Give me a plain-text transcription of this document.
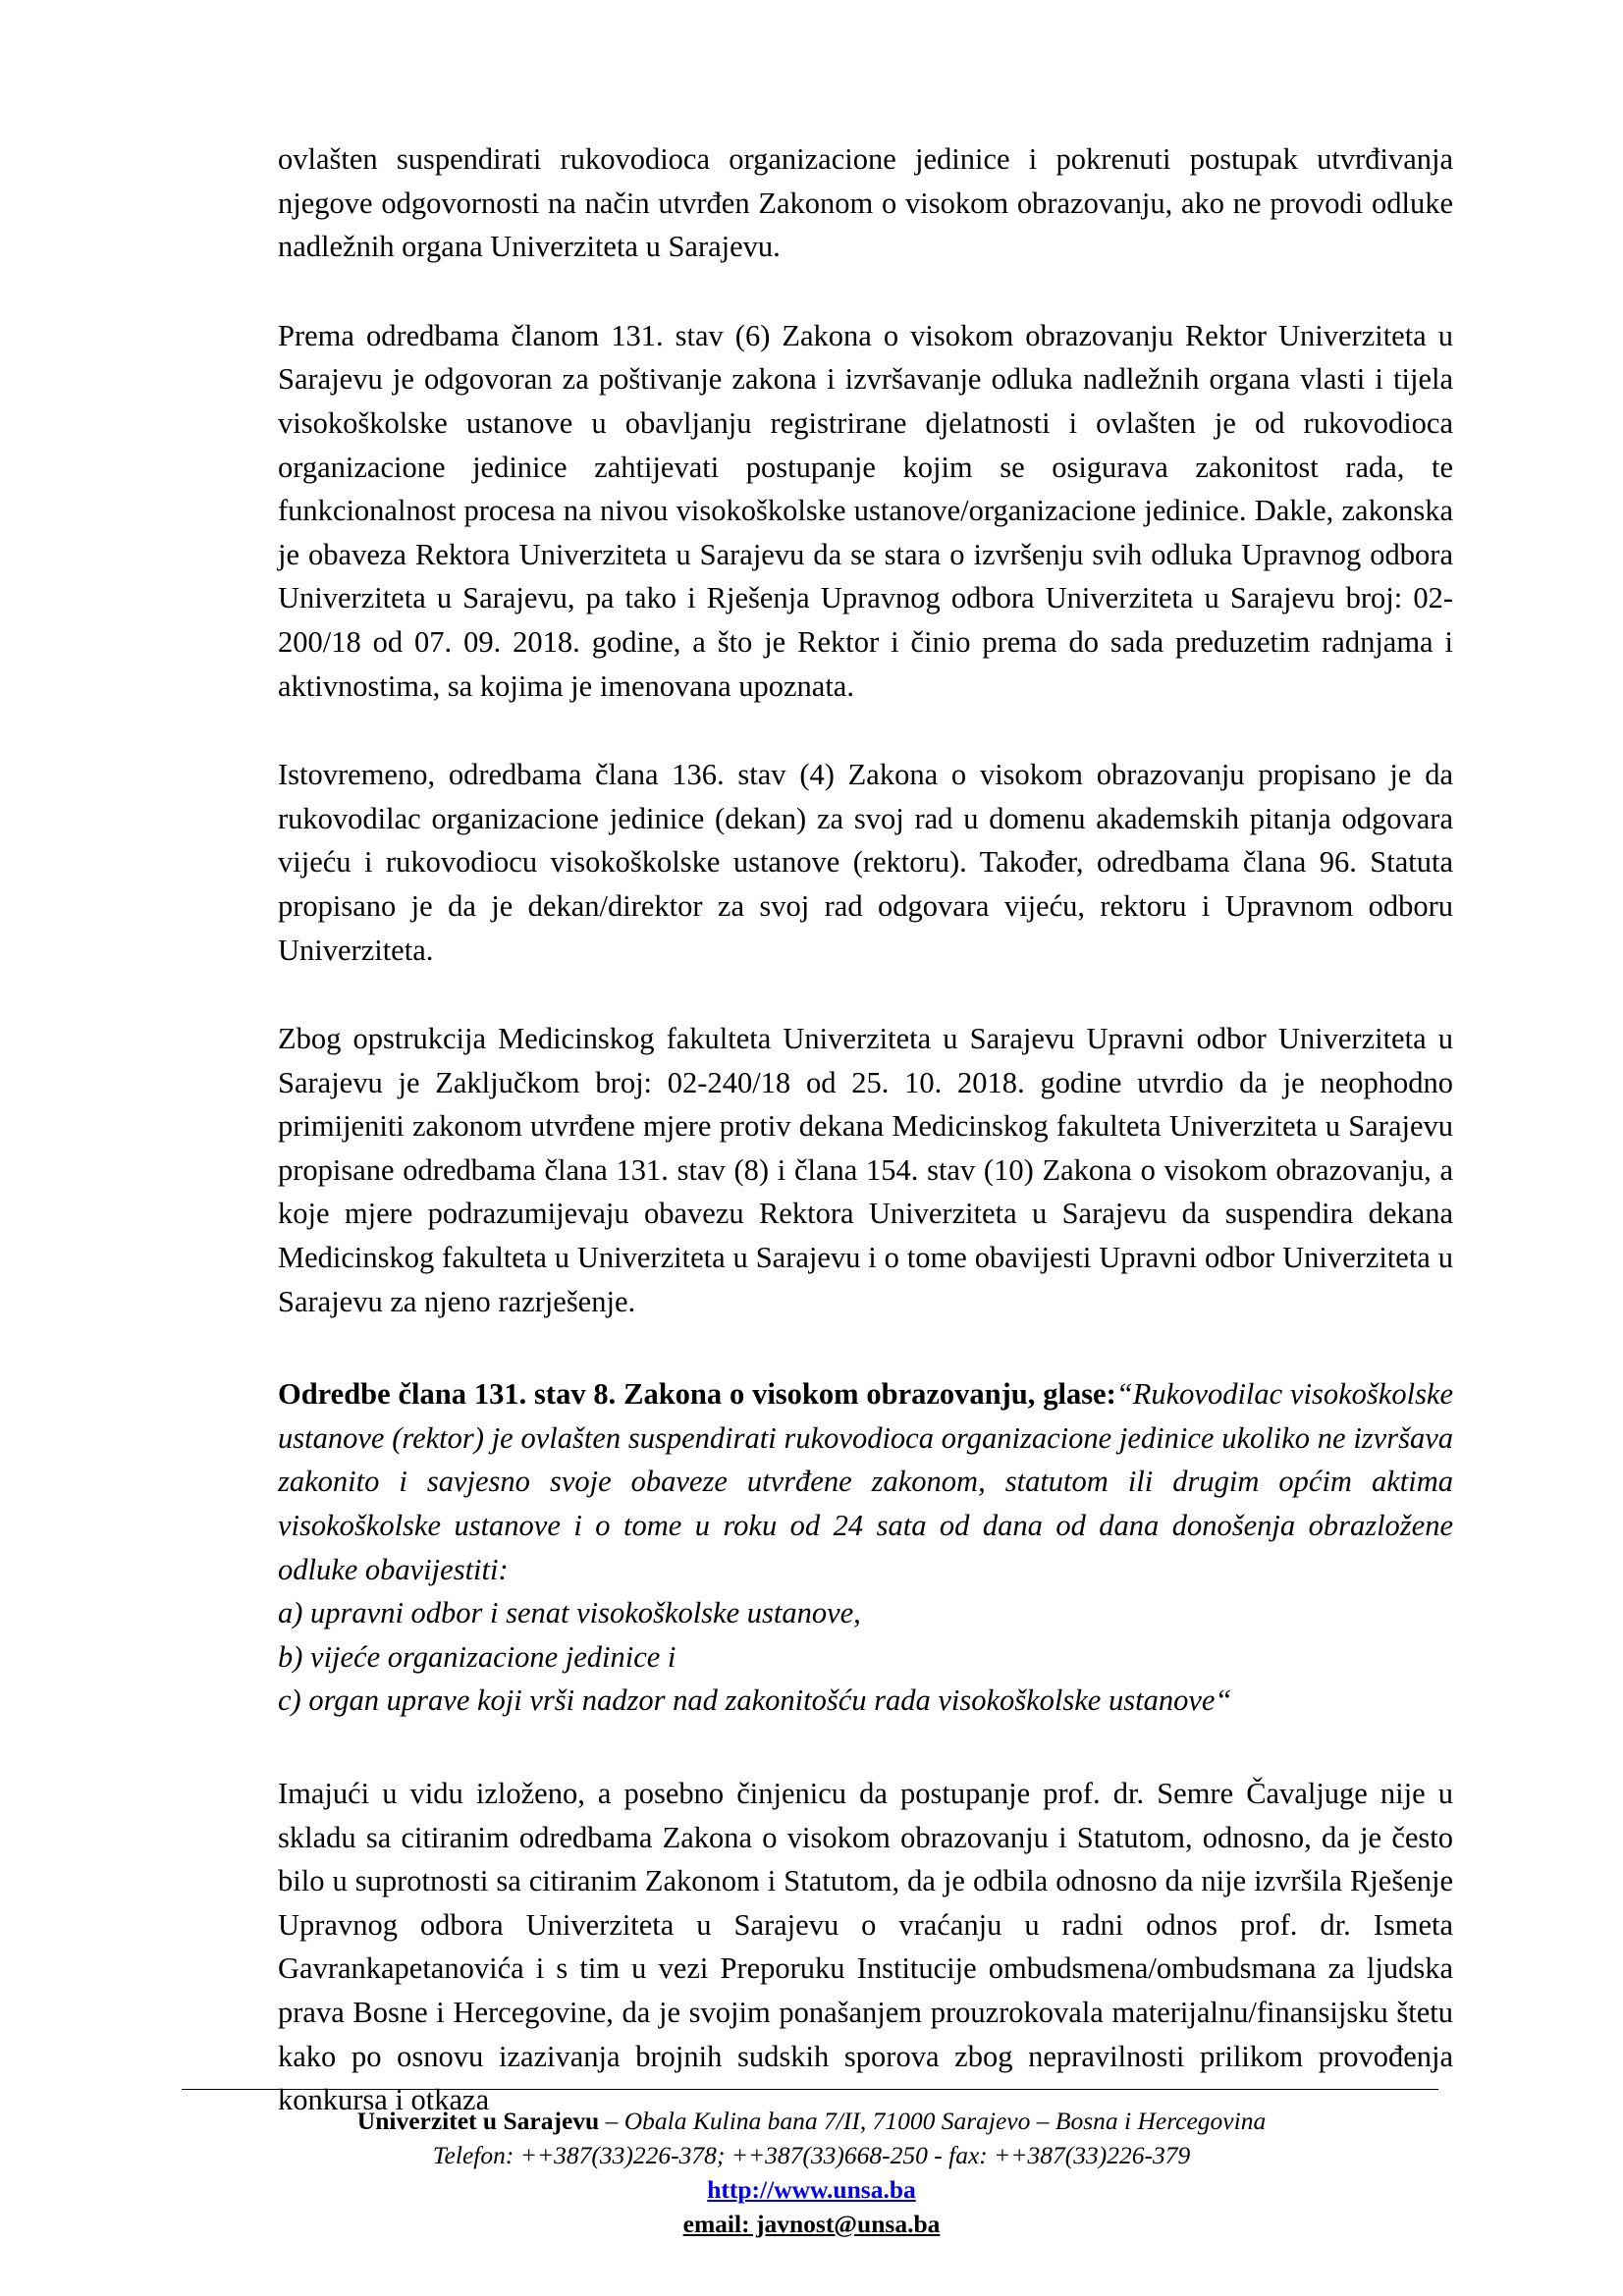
ovlašten suspendirati rukovodioca organizacione jedinice i pokrenuti postupak utvrđivanja njegove odgovornosti na način utvrđen Zakonom o visokom obrazovanju, ako ne provodi odluke nadležnih organa Univerziteta u Sarajevu.

Prema odredbama članom 131. stav (6) Zakona o visokom obrazovanju Rektor Univerziteta u Sarajevu je odgovoran za poštivanje zakona i izvršavanje odluka nadležnih organa vlasti i tijela visokoškolske ustanove u obavljanju registrirane djelatnosti i ovlašten je od rukovodioca organizacione jedinice zahtijevati postupanje kojim se osigurava zakonitost rada, te funkcionalnost procesa na nivou visokoškolske ustanove/organizacione jedinice. Dakle, zakonska je obaveza Rektora Univerziteta u Sarajevu da se stara o izvršenju svih odluka Upravnog odbora Univerziteta u Sarajevu, pa tako i Rješenja Upravnog odbora Univerziteta u Sarajevu broj: 02-200/18 od 07. 09. 2018. godine, a što je Rektor i činio prema do sada preduzetim radnjama i aktivnostima, sa kojima je imenovana upoznata.

Istovremeno, odredbama člana 136. stav (4) Zakona o visokom obrazovanju propisano je da rukovodilac organizacione jedinice (dekan) za svoj rad u domenu akademskih pitanja odgovara vijeću i rukovodiocu visokoškolske ustanove (rektoru). Također, odredbama člana 96. Statuta propisano je da je dekan/direktor za svoj rad odgovara vijeću, rektoru i Upravnom odboru Univerziteta.

Zbog opstrukcija Medicinskog fakulteta Univerziteta u Sarajevu Upravni odbor Univerziteta u Sarajevu je Zaključkom broj: 02-240/18 od 25. 10. 2018. godine utvrdio da je neophodno primijeniti zakonom utvrđene mjere protiv dekana Medicinskog fakulteta Univerziteta u Sarajevu propisane odredbama člana 131. stav (8) i člana 154. stav (10) Zakona o visokom obrazovanju, a koje mjere podrazumijevaju obavezu Rektora Univerziteta u Sarajevu da suspendira dekana Medicinskog fakulteta u Univerziteta u Sarajevu i o tome obavijesti Upravni odbor Univerziteta u Sarajevu za njeno razrješenje.

Odredbe člana 131. stav 8. Zakona o visokom obrazovanju, glase:“Rukovodilac visokoškolske ustanove (rektor) je ovlašten suspendirati rukovodioca organizacione jedinice ukoliko ne izvršava zakonito i savjesno svoje obaveze utvrđene zakonom, statutom ili drugim općim aktima visokoškolske ustanove i o tome u roku od 24 sata od dana od dana donošenja obrazložene odluke obavijestiti:
a) upravni odbor i senat visokoškolske ustanove,
b) vijeće organizacione jedinice i
c) organ uprave koji vrši nadzor nad zakonitošću rada visokoškolske ustanove“

Imajući u vidu izloženo, a posebno činjenicu da postupanje prof. dr. Semre Čavaljuge nije u skladu sa citiranim odredbama Zakona o visokom obrazovanju i Statutom, odnosno, da je često bilo u suprotnosti sa citiranim Zakonom i Statutom, da je odbila odnosno da nije izvršila Rješenje Upravnog odbora Univerziteta u Sarajevu o vraćanju u radni odnos prof. dr. Ismeta Gavrankapetanovića i s tim u vezi Preporuku Institucije ombudsmena/ombudsmana za ljudska prava Bosne i Hercegovine, da je svojim ponašanjem prouzrokovala materijalnu/finansijsku štetu kako po osnovu izazivanja brojnih sudskih sporova zbog nepravilnosti prilikom provođenja konkursa i otkaza

Univerzitet u Sarajevu – Obala Kulina bana 7/II, 71000 Sarajevo – Bosna i Hercegovina
Telefon: ++387(33)226-378; ++387(33)668-250 - fax: ++387(33)226-379
http://www.unsa.ba
email: javnost@unsa.ba
